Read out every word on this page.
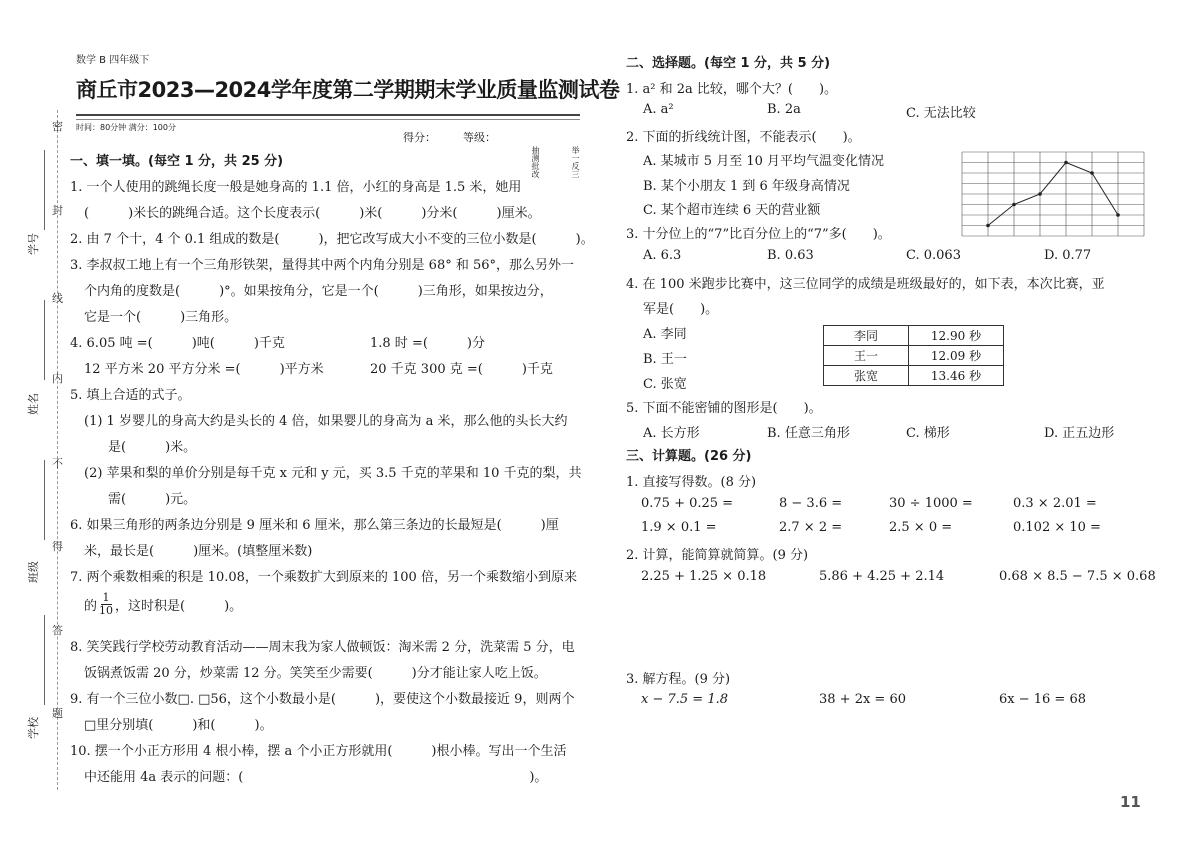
密
封
线
内
不
得
答
题
学号
姓名
班级
学校
数学 B 四年级下
商丘市2023—2024学年度第二学期期末学业质量监测试卷
时间：80分钟 满分：100分
得分： 等级：
抽测批改	举一反三
一、填一填。(每空 1 分，共 25 分)
1. 一个人使用的跳绳长度一般是她身高的 1.1 倍，小红的身高是 1.5 米，她用
(　　　)米长的跳绳合适。这个长度表示(　　　)米(　　　)分米(　　　)厘米。
2. 由 7 个十，4 个 0.1 组成的数是(　　　)，把它改写成大小不变的三位小数是(　　　)。
3. 李叔叔工地上有一个三角形铁架，量得其中两个内角分别是 68° 和 56°，那么另外一
个内角的度数是(　　　)°。如果按角分，它是一个(　　　)三角形，如果按边分，
它是一个(　　　)三角形。
4. 6.05 吨 =(　　　)吨(　　　)千克	1.8 时 =(　　　)分
12 平方米 20 平方分米 =(　　　)平方米	20 千克 300 克 =(　　　)千克
5. 填上合适的式子。
(1) 1 岁婴儿的身高大约是头长的 4 倍，如果婴儿的身高为 a 米，那么他的头长大约
是(　　　)米。
(2) 苹果和梨的单价分别是每千克 x 元和 y 元，买 3.5 千克的苹果和 10 千克的梨，共
需(　　　)元。
6. 如果三角形的两条边分别是 9 厘米和 6 厘米，那么第三条边的长最短是(　　　)厘
米，最长是(　　　)厘米。(填整厘米数)
7. 两个乘数相乘的积是 10.08，一个乘数扩大到原来的 100 倍，另一个乘数缩小到原来
的 $\frac{1}{10}$ ，这时积是(　　　)。
8. 笑笑践行学校劳动教育活动——周末我为家人做顿饭：淘米需 2 分，洗菜需 5 分，电
饭锅煮饭需 20 分，炒菜需 12 分。笑笑至少需要(　　　)分才能让家人吃上饭。
9. 有一个三位小数□. □56，这个小数最小是(　　　)，要使这个小数最接近 9，则两个
□里分别填(　　　)和(　　　)。
10. 摆一个小正方形用 4 根小棒，摆 a 个小正方形就用(　　　)根小棒。写出一个生活
中还能用 4a 表示的问题：(　　　　　　　　　　　　　　　　　　　　　　)。
二、选择题。(每空 1 分，共 5 分)
1. a² 和 2a 比较，哪个大？(　　)。
A. a²	B. 2a	C. 无法比较
2. 下面的折线统计图，不能表示(　　)。
A. 某城市 5 月至 10 月平均气温变化情况
B. 某个小朋友 1 到 6 年级身高情况
C. 某个超市连续 6 天的营业额
3. 十分位上的“7”比百分位上的“7”多(　　)。
A. 6.3	B. 0.63	C. 0.063	D. 0.77
4. 在 100 米跑步比赛中，这三位同学的成绩是班级最好的，如下表，本次比赛，亚
军是(　　)。
A. 李同
B. 王一
C. 张宽
李同	12.90 秒
王一	12.09 秒
张宽	13.46 秒
5. 下面不能密铺的图形是(　　)。
A. 长方形	B. 任意三角形	C. 梯形	D. 正五边形
三、计算题。(26 分)
1. 直接写得数。(8 分)
0.75 + 0.25 =	8 − 3.6 =	30 ÷ 1000 =	0.3 × 2.01 =
1.9 × 0.1 =	2.7 × 2 =	2.5 × 0 =	0.102 × 10 =
2. 计算，能简算就简算。(9 分)
2.25 + 1.25 × 0.18	5.86 + 4.25 + 2.14	0.68 × 8.5 − 7.5 × 0.68
3. 解方程。(9 分)
x − 7.5 = 1.8	38 + 2x = 60	6x − 16 = 68
11
